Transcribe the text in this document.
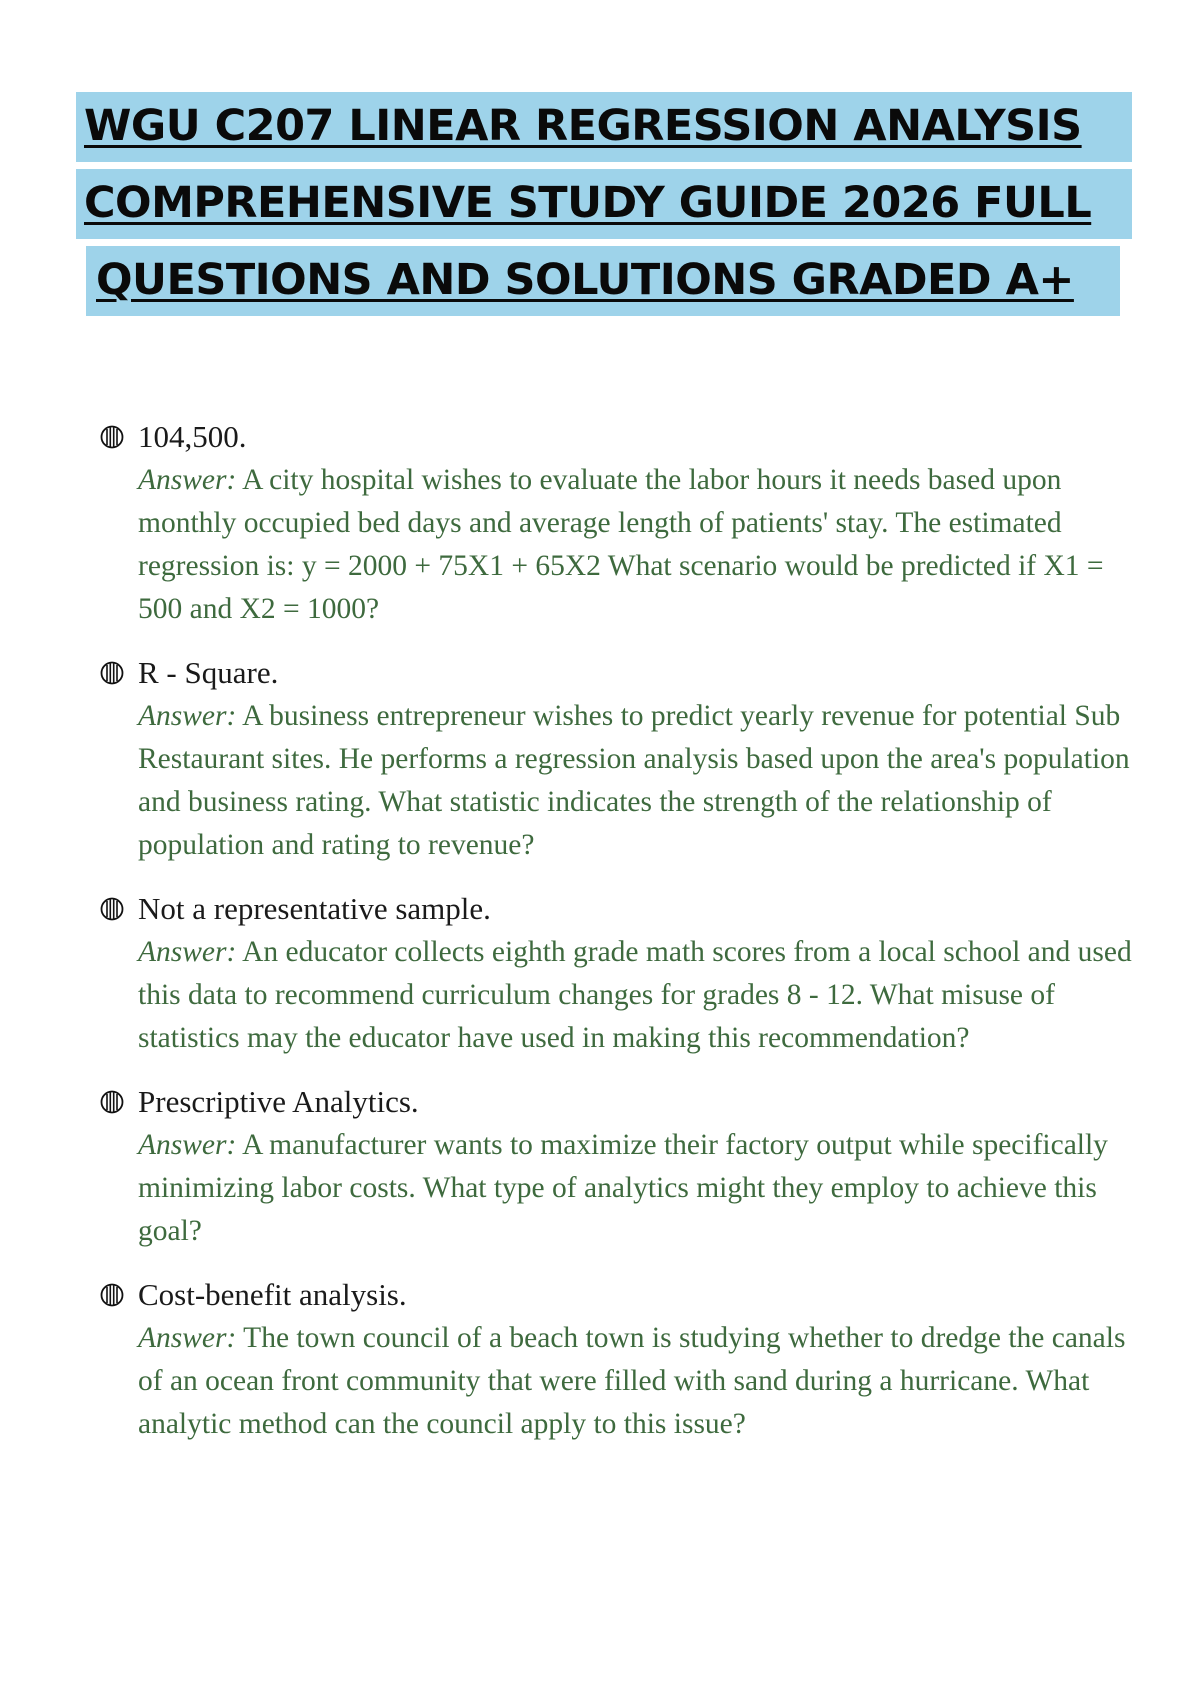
WGU C207 LINEAR REGRESSION ANALYSIS
COMPREHENSIVE STUDY GUIDE 2026 FULL
QUESTIONS AND SOLUTIONS GRADED A+
104,500.
Answer: A city hospital wishes to evaluate the labor hours it needs based upon monthly occupied bed days and average length of patients' stay. The estimated regression is: y = 2000 + 75X1 + 65X2 What scenario would be predicted if X1 = 500 and X2 = 1000?
R - Square.
Answer: A business entrepreneur wishes to predict yearly revenue for potential Sub Restaurant sites. He performs a regression analysis based upon the area's population and business rating. What statistic indicates the strength of the relationship of population and rating to revenue?
Not a representative sample.
Answer: An educator collects eighth grade math scores from a local school and used this data to recommend curriculum changes for grades 8 - 12. What misuse of statistics may the educator have used in making this recommendation?
Prescriptive Analytics.
Answer: A manufacturer wants to maximize their factory output while specifically minimizing labor costs. What type of analytics might they employ to achieve this goal?
Cost-benefit analysis.
Answer: The town council of a beach town is studying whether to dredge the canals of an ocean front community that were filled with sand during a hurricane. What analytic method can the council apply to this issue?
